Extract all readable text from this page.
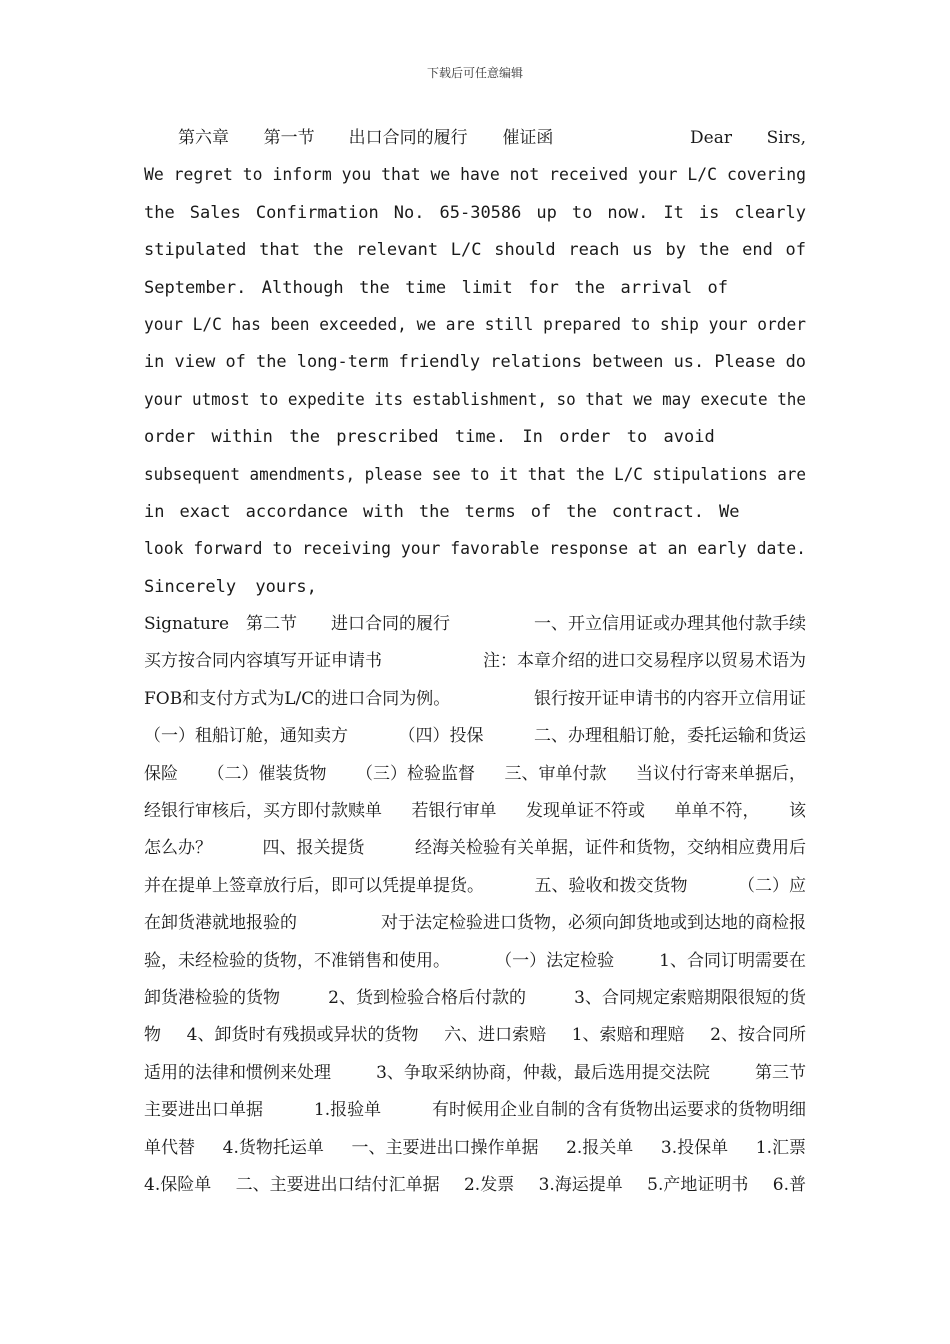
下载后可任意编辑
　　第六章 第一节　　出口合同的履行 催证函　　　　　　 Dear Sirs,
We regret to inform you that we have not received your L/C covering
the Sales Confirmation No. 65-30586 up to now. It is clearly
stipulated that the relevant L/C should reach us by the end of
September. Although the time limit for the arrival of
your L/C has been exceeded, we are still prepared to ship your order
in view of the long-term friendly relations between us. Please do
your utmost to expedite its establishment, so that we may execute the
order within the prescribed time. In order to avoid
subsequent amendments, please see to it that the L/C stipulations are
in exact accordance with the terms of the contract. We
look forward to receiving your favorable response at an early date.
Sincerely yours,
Signature　第二节　　进口合同的履行 一、开立信用证或办理其他付款手续
买方按合同内容填写开证申请书 注：本章介绍的进口交易程序以贸易术语为
FOB和支付方式为L/C的进口合同为例。 银行按开证申请书的内容开立信用证
（一）租船订舱，通知卖方 （四）投保 二、办理租船订舱，委托运输和货运
保险 （二）催装货物 （三）检验监督 三、审单付款 当议付行寄来单据后，
经银行审核后，买方即付款赎单 若银行审单 发现单证不符或 单单不符， 该
怎么办？ 四、报关提货 经海关检验有关单据，证件和货物，交纳相应费用后
并在提单上签章放行后，即可以凭提单提货。 五、验收和拨交货物 （二）应
在卸货港就地报验的 对于法定检验进口货物，必须向卸货地或到达地的商检报
验，未经检验的货物，不准销售和使用。 （一）法定检验 1、合同订明需要在
卸货港检验的货物 2、货到检验合格后付款的 3、合同规定索赔期限很短的货
物 4、卸货时有残损或异状的货物 六、进口索赔 1、索赔和理赔 2、按合同所
适用的法律和惯例来处理 3、争取采纳协商，仲裁，最后选用提交法院 第三节
主要进出口单据 1.报验单 有时候用企业自制的含有货物出运要求的货物明细
单代替 4.货物托运单 一、主要进出口操作单据 2.报关单 3.投保单 1.汇票
4.保险单 二、主要进出口结付汇单据 2.发票 3.海运提单 5.产地证明书 6.普
